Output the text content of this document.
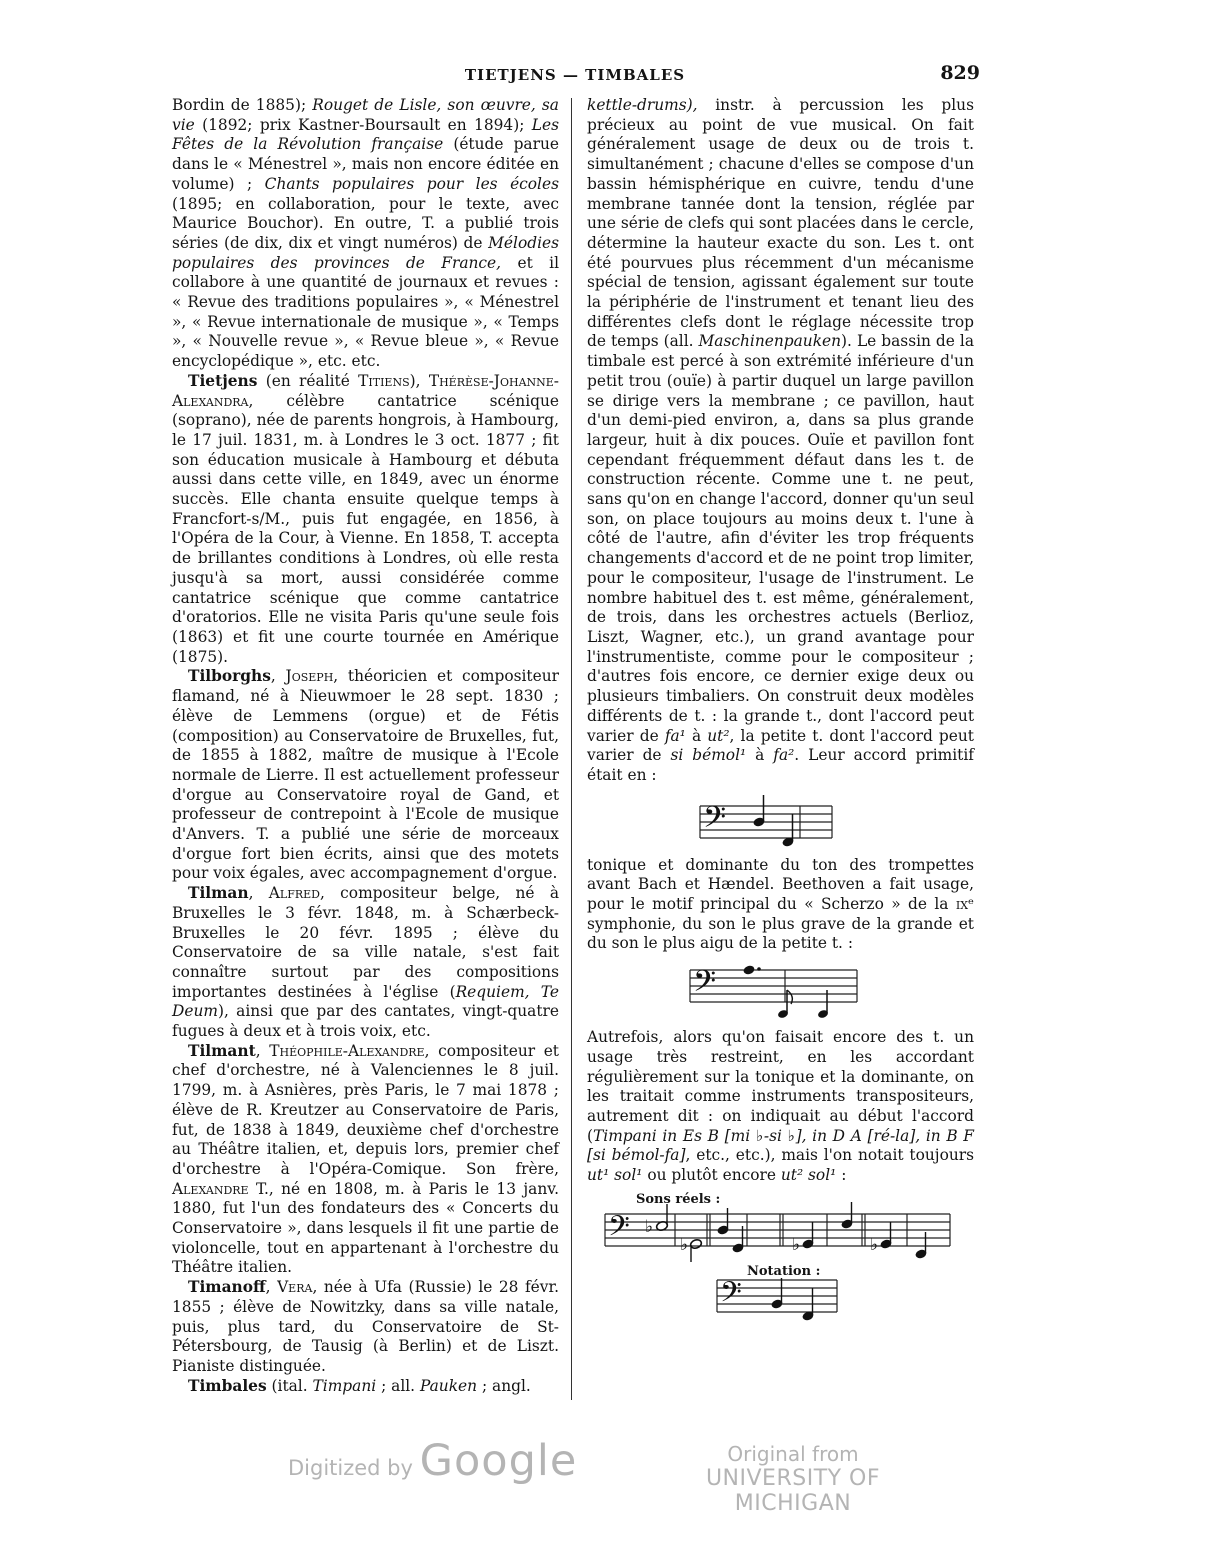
TIETJENS — TIMBALES	829

Bordin de 1885); Rouget de Lisle, son œuvre, sa vie (1892; prix Kastner-Boursault en 1894); Les Fêtes de la Révolution française (étude parue dans le « Ménestrel », mais non encore éditée en volume) ; Chants populaires pour les écoles (1895; en collaboration, pour le texte, avec Maurice Bouchor). En outre, T. a publié trois séries (de dix, dix et vingt numéros) de Mélodies populaires des provinces de France, et il collabore à une quantité de journaux et revues : « Revue des traditions populaires », « Ménestrel », « Revue internationale de musique », « Temps », « Nouvelle revue », « Revue bleue », « Revue encyclopédique », etc. etc.

Tietjens (en réalité Titiens), Thérèse-Johanne-Alexandra, célèbre cantatrice scénique (soprano), née de parents hongrois, à Hambourg, le 17 juil. 1831, m. à Londres le 3 oct. 1877 ; fit son éducation musicale à Hambourg et débuta aussi dans cette ville, en 1849, avec un énorme succès. Elle chanta ensuite quelque temps à Francfort-s/M., puis fut engagée, en 1856, à l'Opéra de la Cour, à Vienne. En 1858, T. accepta de brillantes conditions à Londres, où elle resta jusqu'à sa mort, aussi considérée comme cantatrice scénique que comme cantatrice d'oratorios. Elle ne visita Paris qu'une seule fois (1863) et fit une courte tournée en Amérique (1875).

Tilborghs, Joseph, théoricien et compositeur flamand, né à Nieuwmoer le 28 sept. 1830 ; élève de Lemmens (orgue) et de Fétis (composition) au Conservatoire de Bruxelles, fut, de 1855 à 1882, maître de musique à l'Ecole normale de Lierre. Il est actuellement professeur d'orgue au Conservatoire royal de Gand, et professeur de contrepoint à l'Ecole de musique d'Anvers. T. a publié une série de morceaux d'orgue fort bien écrits, ainsi que des motets pour voix égales, avec accompagnement d'orgue.

Tilman, Alfred, compositeur belge, né à Bruxelles le 3 févr. 1848, m. à Schærbeck-Bruxelles le 20 févr. 1895 ; élève du Conservatoire de sa ville natale, s'est fait connaître surtout par des compositions importantes destinées à l'église (Requiem, Te Deum), ainsi que par des cantates, vingt-quatre fugues à deux et à trois voix, etc.

Tilmant, Théophile-Alexandre, compositeur et chef d'orchestre, né à Valenciennes le 8 juil. 1799, m. à Asnières, près Paris, le 7 mai 1878 ; élève de R. Kreutzer au Conservatoire de Paris, fut, de 1838 à 1849, deuxième chef d'orchestre au Théâtre italien, et, depuis lors, premier chef d'orchestre à l'Opéra-Comique. Son frère, Alexandre T., né en 1808, m. à Paris le 13 janv. 1880, fut l'un des fondateurs des « Concerts du Conservatoire », dans lesquels il fit une partie de violoncelle, tout en appartenant à l'orchestre du Théâtre italien.

Timanoff, Vera, née à Ufa (Russie) le 28 févr. 1855 ; élève de Nowitzky, dans sa ville natale, puis, plus tard, du Conservatoire de St-Pétersbourg, de Tausig (à Berlin) et de Liszt. Pianiste distinguée.

Timbales (ital. Timpani ; all. Pauken ; angl.

kettle-drums), instr. à percussion les plus précieux au point de vue musical. On fait généralement usage de deux ou de trois t. simultanément ; chacune d'elles se compose d'un bassin hémisphérique en cuivre, tendu d'une membrane tannée dont la tension, réglée par une série de clefs qui sont placées dans le cercle, détermine la hauteur exacte du son. Les t. ont été pourvues plus récemment d'un mécanisme spécial de tension, agissant également sur toute la périphérie de l'instrument et tenant lieu des différentes clefs dont le réglage nécessite trop de temps (all. Maschinenpauken). Le bassin de la timbale est percé à son extrémité inférieure d'un petit trou (ouïe) à partir duquel un large pavillon se dirige vers la membrane ; ce pavillon, haut d'un demi-pied environ, a, dans sa plus grande largeur, huit à dix pouces. Ouïe et pavillon font cependant fréquemment défaut dans les t. de construction récente. Comme une t. ne peut, sans qu'on en change l'accord, donner qu'un seul son, on place toujours au moins deux t. l'une à côté de l'autre, afin d'éviter les trop fréquents changements d'accord et de ne point trop limiter, pour le compositeur, l'usage de l'instrument. Le nombre habituel des t. est même, généralement, de trois, dans les orchestres actuels (Berlioz, Liszt, Wagner, etc.), un grand avantage pour l'instrumentiste, comme pour le compositeur ; d'autres fois encore, ce dernier exige deux ou plusieurs timbaliers. On construit deux modèles différents de t. : la grande t., dont l'accord peut varier de fa¹ à ut², la petite t. dont l'accord peut varier de si bémol¹ à fa². Leur accord primitif était en :

𝄢

tonique et dominante du ton des trompettes avant Bach et Hændel. Beethoven a fait usage, pour le motif principal du « Scherzo » de la ixᵉ symphonie, du son le plus grave de la grande et du son le plus aigu de la petite t. :

𝄢

Autrefois, alors qu'on faisait encore des t. un usage très restreint, en les accordant régulièrement sur la tonique et la dominante, on les traitait comme instruments transpositeurs, autrement dit : on indiquait au début l'accord (Timpani in Es B [mi ♭-si ♭], in D A [ré-la], in B F [si bémol-fa], etc., etc.), mais l'on notait toujours ut¹ sol¹ ou plutôt encore ut² sol¹ :

Sons réels :
𝄢 ♭
♭	♭	♭
Notation :
𝄢
Digitized by Google	Original from
UNIVERSITY OF MICHIGAN
